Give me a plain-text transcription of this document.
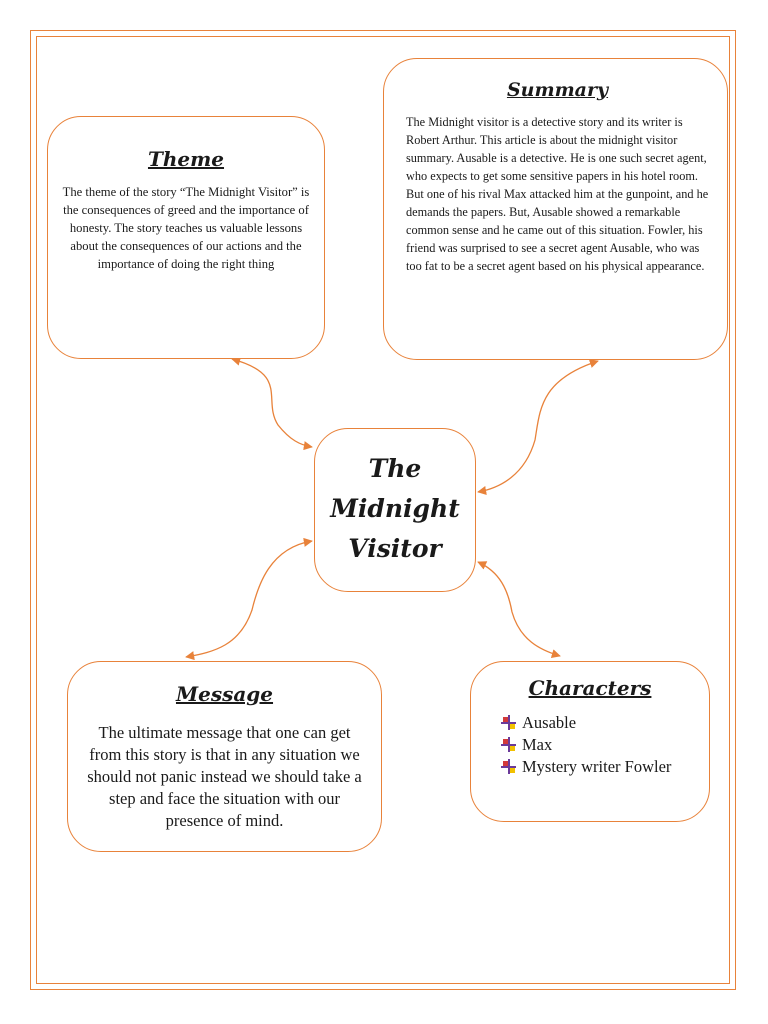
Theme

The theme of the story “The Midnight Visitor” is the consequences of greed and the importance of honesty. The story teaches us valuable lessons about the consequences of our actions and the importance of doing the right thing

Summary

The Midnight visitor is a detective story and its writer is Robert Arthur. This article is about the midnight visitor summary. Ausable is a detective. He is one such secret agent, who expects to get some sensitive papers in his hotel room. But one of his rival Max attacked him at the gunpoint, and he demands the papers. But, Ausable showed a remarkable common sense and he came out of this situation. Fowler, his friend was surprised to see a secret agent Ausable, who was too fat to be a secret agent based on his physical appearance.
The
Midnight
Visitor

Message

The ultimate message that one can get from this story is that in any situation we should not panic instead we should take a step and face the situation with our presence of mind.

Characters

Ausable
Max
Mystery writer Fowler
